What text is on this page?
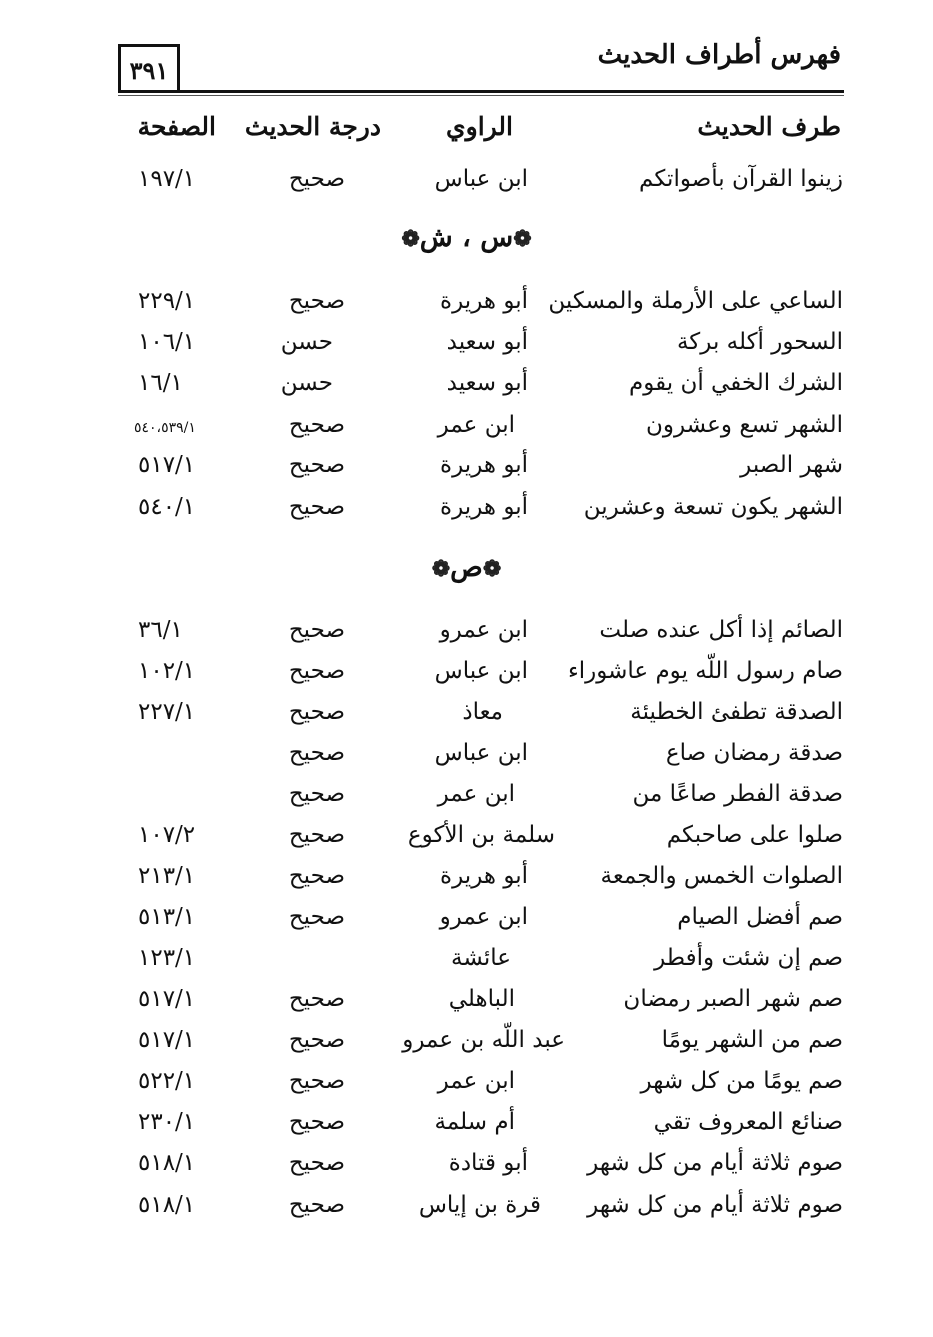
٣٩١
فهرس أطراف الحديث
طرف الحديث
الراوي
درجة الحديث
الصفحة
زينوا القرآن بأصواتكم
ابن عباس
صحيح
١٩٧/١
❁س ، ش❁
الساعي على الأرملة والمسكين
أبو هريرة
صحيح
٢٢٩/١
السحور أكله بركة
أبو سعيد
حسن
١٠٦/١
الشرك الخفي أن يقوم
أبو سعيد
حسن
١٦/١
الشهر تسع وعشرون
ابن عمر
صحيح
٥٤٠،٥٣٩/١
شهر الصبر
أبو هريرة
صحيح
٥١٧/١
الشهر يكون تسعة وعشرين
أبو هريرة
صحيح
٥٤٠/١
❁ص❁
الصائم إذا أكل عنده صلت
ابن عمرو
صحيح
٣٦/١
صام رسول اللّه يوم عاشوراء
ابن عباس
صحيح
١٠٢/١
الصدقة تطفئ الخطيئة
معاذ
صحيح
٢٢٧/١
صدقة رمضان صاع
ابن عباس
صحيح
صدقة الفطر صاعًا من
ابن عمر
صحيح
صلوا على صاحبكم
سلمة بن الأكوع
صحيح
١٠٧/٢
الصلوات الخمس والجمعة
أبو هريرة
صحيح
٢١٣/١
صم أفضل الصيام
ابن عمرو
صحيح
٥١٣/١
صم إن شئت وأفطر
عائشة
١٢٣/١
صم شهر الصبر رمضان
الباهلي
صحيح
٥١٧/١
صم من الشهر يومًا
عبد اللّه بن عمرو
صحيح
٥١٧/١
صم يومًا من كل شهر
ابن عمر
صحيح
٥٢٢/١
صنائع المعروف تقي
أم سلمة
صحيح
٢٣٠/١
صوم ثلاثة أيام من كل شهر
أبو قتادة
صحيح
٥١٨/١
صوم ثلاثة أيام من كل شهر
قرة بن إياس
صحيح
٥١٨/١
